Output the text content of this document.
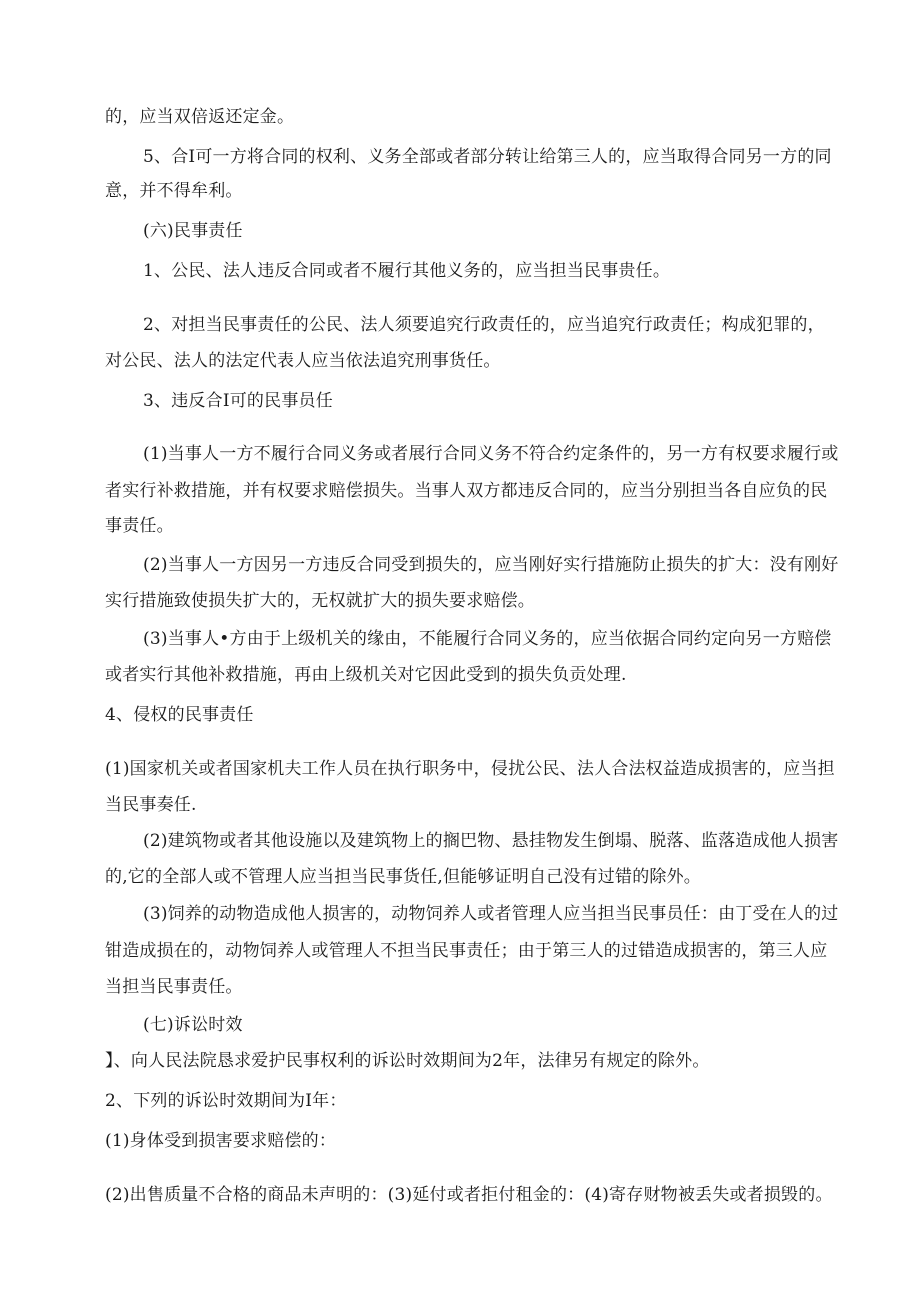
的，应当双倍返还定金。
5、合I可一方将合同的权利、义务全部或者部分转让给第三人的，应当取得合同另一方的同
意，并不得牟利。
(六)民事责任
1、公民、法人违反合同或者不履行其他义务的，应当担当民事贵任。
2、对担当民事责任的公民、法人须要追究行政责任的，应当追究行政责任；构成犯罪的，
对公民、法人的法定代表人应当依法追究刑事货任。
3、违反合I可的民事员任
(1)当事人一方不履行合同义务或者展行合同义务不符合约定条件的，另一方有权要求履行或
者实行补救措施，并有权要求赔偿损失。当事人双方都违反合同的，应当分别担当各自应负的民
事责任。
(2)当事人一方因另一方违反合同受到损失的，应当刚好实行措施防止损失的扩大：没有刚好
实行措施致使损失扩大的，无权就扩大的损失要求赔偿。
(3)当事人•方由于上级机关的缘由，不能履行合同义务的，应当依据合同约定向另一方赔偿
或者实行其他补救措施，再由上级机关对它因此受到的损失负贡处理.
4、侵权的民事责任
(1)国家机关或者国家机夫工作人员在执行职务中，侵扰公民、法人合法权益造成损害的，应当担
当民事奏任.
(2)建筑物或者其他设施以及建筑物上的搁巴物、悬挂物发生倒塌、脱落、监落造成他人损害
的,它的全部人或不管理人应当担当民事货任,但能够证明自己没有过错的除外。
(3)饲养的动物造成他人损害的，动物饲养人或者管理人应当担当民事员任：由丁受在人的过
钳造成损在的，动物饲养人或管理人不担当民事责任；由于第三人的过错造成损害的，第三人应
当担当民事责任。
(七)诉讼时效
】、向人民法院恳求爱护民事权利的诉讼时效期间为2年，法律另有规定的除外。
2、下列的诉讼时效期间为I年：
(1)身体受到损害要求赔偿的：
(2)出售质量不合格的商品未声明的：(3)延付或者拒付租金的：(4)寄存财物被丢失或者损毁的。
